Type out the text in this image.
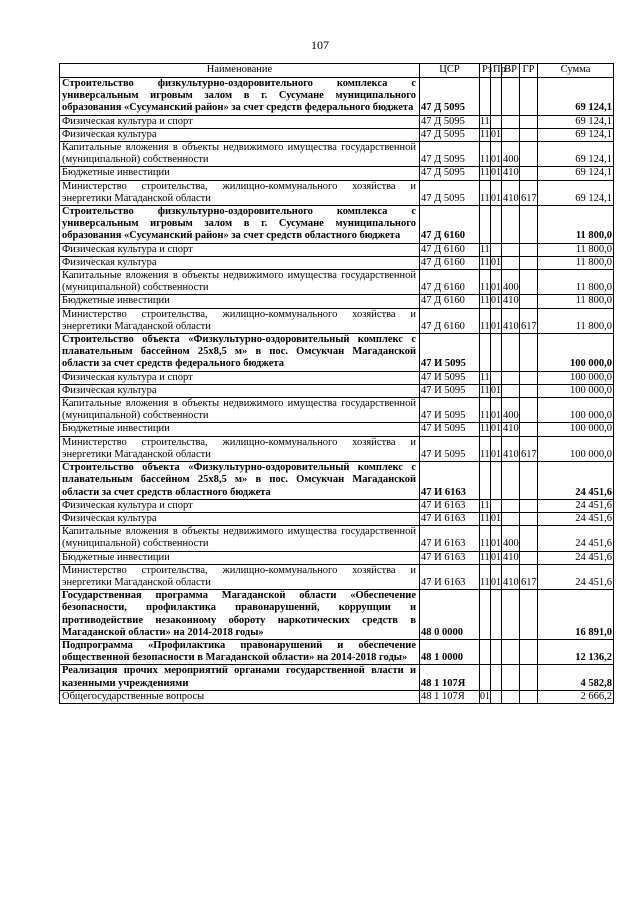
107
Наименование	ЦСР	Рз	Пр	ВР	ГР	Сумма
Строительство физкультурно-оздоровительного комплекса с универсальным игровым залом в г. Сусумане муниципального образования «Сусуманский район» за счет средств федерального бюджета	47 Д 5095					69 124,1
Физическая культура и спорт	47 Д 5095	11				69 124,1
Физическая культура	47 Д 5095	11	01			69 124,1
Капитальные вложения в объекты недвижимого имущества государственной (муниципальной) собственности	47 Д 5095	11	01	400		69 124,1
Бюджетные инвестиции	47 Д 5095	11	01	410		69 124,1
Министерство строительства, жилищно-коммунального хозяйства и энергетики Магаданской области	47 Д 5095	11	01	410	617	69 124,1
Строительство физкультурно-оздоровительного комплекса с универсальным игровым залом в г. Сусумане муниципального образования «Сусуманский район» за счет средств областного бюджета	47 Д 6160					11 800,0
Физическая культура и спорт	47 Д 6160	11				11 800,0
Физическая культура	47 Д 6160	11	01			11 800,0
Капитальные вложения в объекты недвижимого имущества государственной (муниципальной) собственности	47 Д 6160	11	01	400		11 800,0
Бюджетные инвестиции	47 Д 6160	11	01	410		11 800,0
Министерство строительства, жилищно-коммунального хозяйства и энергетики Магаданской области	47 Д 6160	11	01	410	617	11 800,0
Строительство объекта «Физкультурно-оздоровительный комплекс с плавательным бассейном 25х8,5 м» в пос. Омсукчан Магаданской области за счет средств федерального бюджета	47 И 5095					100 000,0
Физическая культура и спорт	47 И 5095	11				100 000,0
Физическая культура	47 И 5095	11	01			100 000,0
Капитальные вложения в объекты недвижимого имущества государственной (муниципальной) собственности	47 И 5095	11	01	400		100 000,0
Бюджетные инвестиции	47 И 5095	11	01	410		100 000,0
Министерство строительства, жилищно-коммунального хозяйства и энергетики Магаданской области	47 И 5095	11	01	410	617	100 000,0
Строительство объекта «Физкультурно-оздоровительный комплекс с плавательным бассейном 25х8,5 м» в пос. Омсукчан Магаданской области за счет средств областного бюджета	47 И 6163					24 451,6
Физическая культура и спорт	47 И 6163	11				24 451,6
Физическая культура	47 И 6163	11	01			24 451,6
Капитальные вложения в объекты недвижимого имущества государственной (муниципальной) собственности	47 И 6163	11	01	400		24 451,6
Бюджетные инвестиции	47 И 6163	11	01	410		24 451,6
Министерство строительства, жилищно-коммунального хозяйства и энергетики Магаданской области	47 И 6163	11	01	410	617	24 451,6
Государственная программа Магаданской области «Обеспечение безопасности, профилактика правонарушений, коррупции и противодействие незаконному обороту наркотических средств в Магаданской области» на 2014-2018 годы»	48 0 0000					16 891,0
Подпрограмма «Профилактика правонарушений и обеспечение общественной безопасности в Магаданской области» на 2014-2018 годы»	48 1 0000					12 136,2
Реализация прочих мероприятий органами государственной власти и казенными учреждениями	48 1 107Я					4 582,8
Общегосударственные вопросы	48 1 107Я	01				2 666,2
